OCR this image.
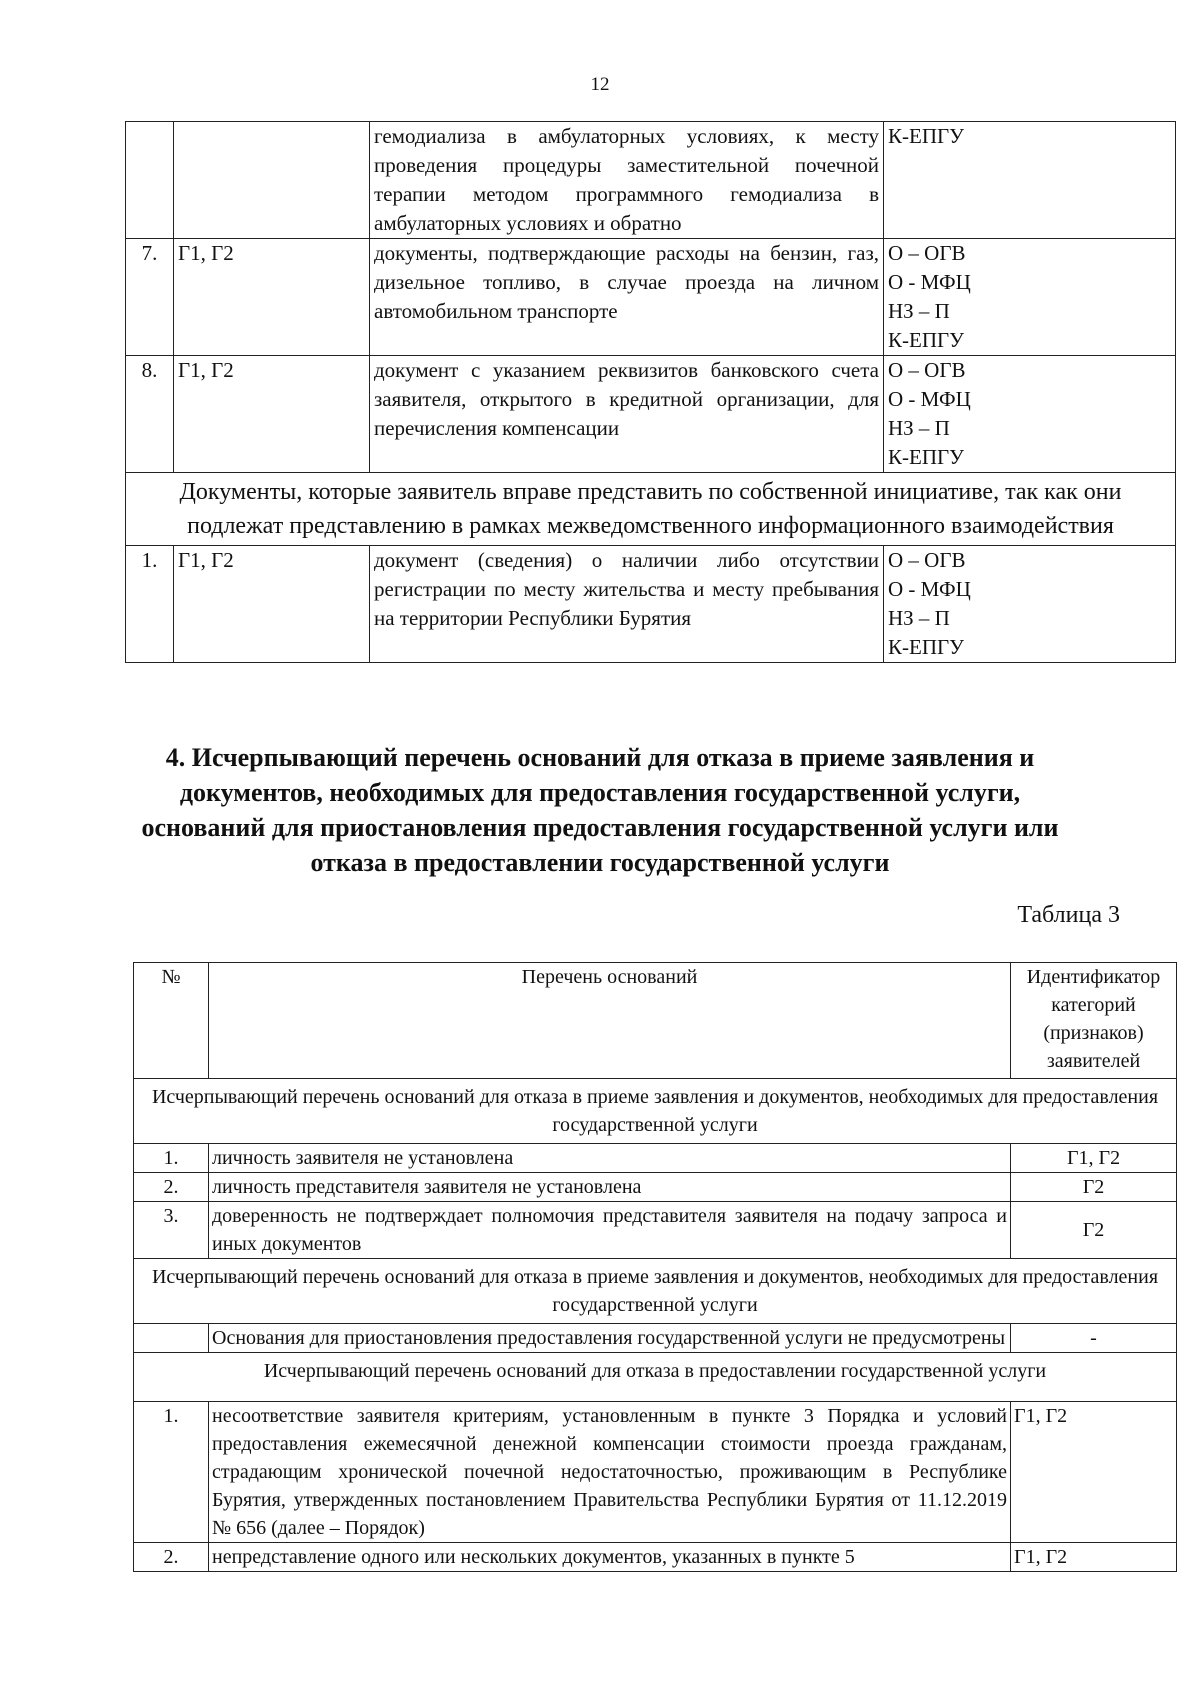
12
		гемодиализа в амбулаторных условиях, к месту проведения процедуры заместительной почечной терапии методом программного гемодиализа в амбулаторных условиях и обратно	К-ЕПГУ

7.	Г1, Г2	документы, подтверждающие расходы на бензин, газ, дизельное топливо, в случае проезда на личном автомобильном транспорте	О – ОГВ
О - МФЦ
НЗ – П
К-ЕПГУ

8.	Г1, Г2	документ с указанием реквизитов банковского счета заявителя, открытого в кредитной организации, для перечисления компенсации	О – ОГВ
О - МФЦ
НЗ – П
К-ЕПГУ

Документы, которые заявитель вправе представить по собственной инициативе, так как они подлежат представлению в рамках межведомственного информационного взаимодействия			
1.	Г1, Г2	документ (сведения) о наличии либо отсутствии регистрации по месту жительства и месту пребывания на территории Республики Бурятия	О – ОГВ
О - МФЦ
НЗ – П
К-ЕПГУ
4. Исчерпывающий перечень оснований для отказа в приеме заявления и документов, необходимых для предоставления государственной услуги, оснований для приостановления предоставления государственной услуги или отказа в предоставлении государственной услуги
Таблица 3
№	Перечень оснований	Идентификатор категорий (признаков) заявителей
Исчерпывающий перечень оснований для отказа в приеме заявления и документов, необходимых для предоставления государственной услуги		
1.	личность заявителя не установлена	Г1, Г2
2.	личность представителя заявителя не установлена	Г2
3.	доверенность не подтверждает полномочия представителя заявителя на подачу запроса и иных документов	Г2
Исчерпывающий перечень оснований для отказа в приеме заявления и документов, необходимых для предоставления государственной услуги		
	Основания для приостановления предоставления государственной услуги не предусмотрены	-
Исчерпывающий перечень оснований для отказа в предоставлении государственной услуги		
1.	несоответствие заявителя критериям, установленным в пункте 3 Порядка и условий предоставления ежемесячной денежной компенсации стоимости проезда гражданам, страдающим хронической почечной недостаточностью, проживающим в Республике Бурятия, утвержденных постановлением Правительства Республики Бурятия от 11.12.2019 № 656 (далее – Порядок)	Г1, Г2
2.	непредставление одного или нескольких документов, указанных в пункте 5	Г1, Г2
